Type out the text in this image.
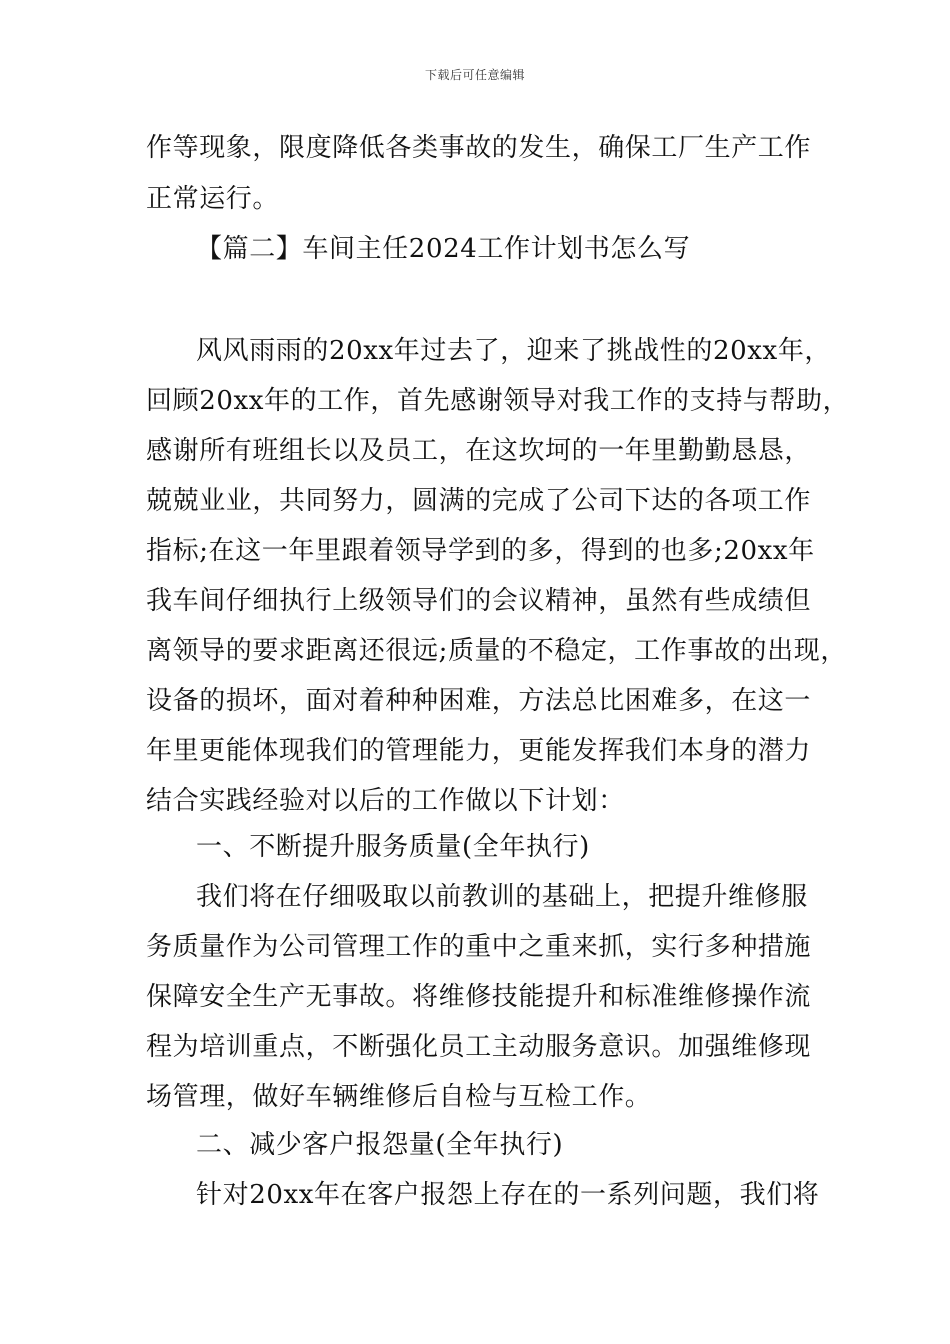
下载后可任意编辑
作等现象，限度降低各类事故的发生，确保工厂生产工作
正常运行。
【篇二】车间主任2024工作计划书怎么写
风风雨雨的20xx年过去了，迎来了挑战性的20xx年，
回顾20xx年的工作，首先感谢领导对我工作的支持与帮助，
感谢所有班组长以及员工，在这坎坷的一年里勤勤恳恳，
兢兢业业，共同努力，圆满的完成了公司下达的各项工作
指标;在这一年里跟着领导学到的多，得到的也多;20xx年
我车间仔细执行上级领导们的会议精神，虽然有些成绩但
离领导的要求距离还很远;质量的不稳定，工作事故的出现，
设备的损坏，面对着种种困难，方法总比困难多，在这一
年里更能体现我们的管理能力，更能发挥我们本身的潜力
结合实践经验对以后的工作做以下计划：
一、不断提升服务质量(全年执行)
我们将在仔细吸取以前教训的基础上，把提升维修服
务质量作为公司管理工作的重中之重来抓，实行多种措施
保障安全生产无事故。将维修技能提升和标准维修操作流
程为培训重点，不断强化员工主动服务意识。加强维修现
场管理，做好车辆维修后自检与互检工作。
二、减少客户报怨量(全年执行)
针对20xx年在客户报怨上存在的一系列问题，我们将
